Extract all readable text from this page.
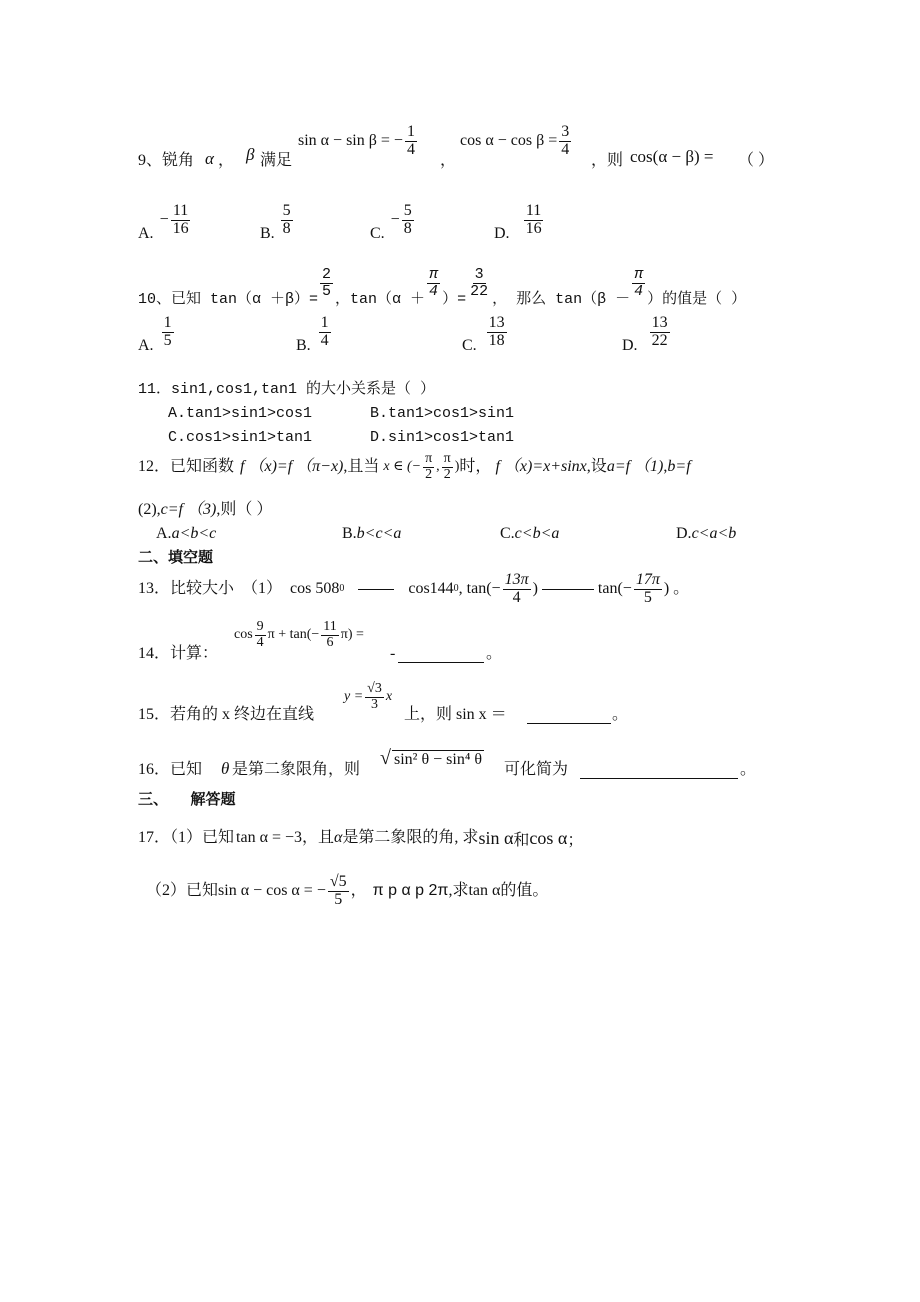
9、锐角 α ， β 满足
sin α − sin β = − $\frac{1}{4}$
，
$\cos \alpha - \cos \beta = \frac{3}{4}$
，则 cos(α − β) = （ ）
A.
− $\frac{11}{16}$	B. $\frac{5}{8}$	C.
− $\frac{5}{8}$	D. $\frac{11}{16}$
10、已知 $\tan(\alpha +\beta)= \frac{2}{5}$ ，$\tan(\alpha + \frac{\pi}{4}$ ）= $\frac{3}{22}$ ， 那么 $\tan(\beta - \frac{\pi}{4}$ ）的值是（ ）
A. $\frac{1}{5}$	B. $\frac{1}{4}$	C. $\frac{13}{18}$	D. $\frac{13}{22}$
11．sin1,cos1,tan1 的大小关系是（ ）
A.tan1>sin1>cos1	B.tan1>cos1>sin1
C.cos1>sin1>tan1	D.sin1>cos1>tan1
12．已知函数 f （x)=f （π−x) ,且当 x ∈ (− $\frac{\pi}{2}$ , $\frac{\pi}{2}$ ) 时， f （x)=x+sinx ,设 a=f （1) , b=f
(2), c=f （3) ,则（ ）
A.a<b<c	B.b<c<a	C.c<b<a	D.c<a<b
二、填空题
13．比较大小　（1） cos 508 0	cos144 0 , $\tan(- \frac{13\pi}{4}$ )	$\tan(- \frac{17\pi}{5}$ ) 。
14．计算：
$\cos \frac{9}{4}$ $\pi + \tan(- \frac{11}{6} \pi)$ =
-	。
15．若角的 x 终边在直线
$y = \frac{√3}{3}$ x
上，则 sin x ＝	。
16．已知 θ 是第二象限角，则
√ sin² θ − sin⁴ θ
可化简为	。
三、　　解答题
17．（1）已知 tan α = −3 ，且 α 是第二象限的角, 求 sin α 和 cos α ；
（2）已知 sin α − cos α = − $\frac{√5}{5}$ ， π p α p 2π ,求 tan α 的值。
